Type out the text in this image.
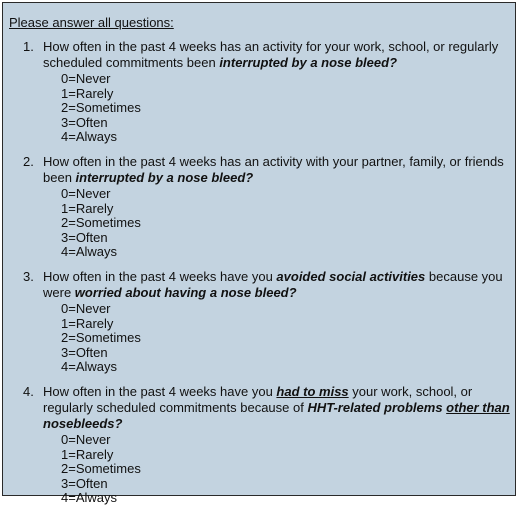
Please answer all questions:
1. How often in the past 4 weeks has an activity for your work, school, or regularly scheduled commitments been interrupted by a nose bleed?
0=Never
1=Rarely
2=Sometimes
3=Often
4=Always
2. How often in the past 4 weeks has an activity with your partner, family, or friends been interrupted by a nose bleed?
0=Never
1=Rarely
2=Sometimes
3=Often
4=Always
3. How often in the past 4 weeks have you avoided social activities because you were worried about having a nose bleed?
0=Never
1=Rarely
2=Sometimes
3=Often
4=Always
4. How often in the past 4 weeks have you had to miss your work, school, or regularly scheduled commitments because of HHT-related problems other than nosebleeds?
0=Never
1=Rarely
2=Sometimes
3=Often
4=Always
